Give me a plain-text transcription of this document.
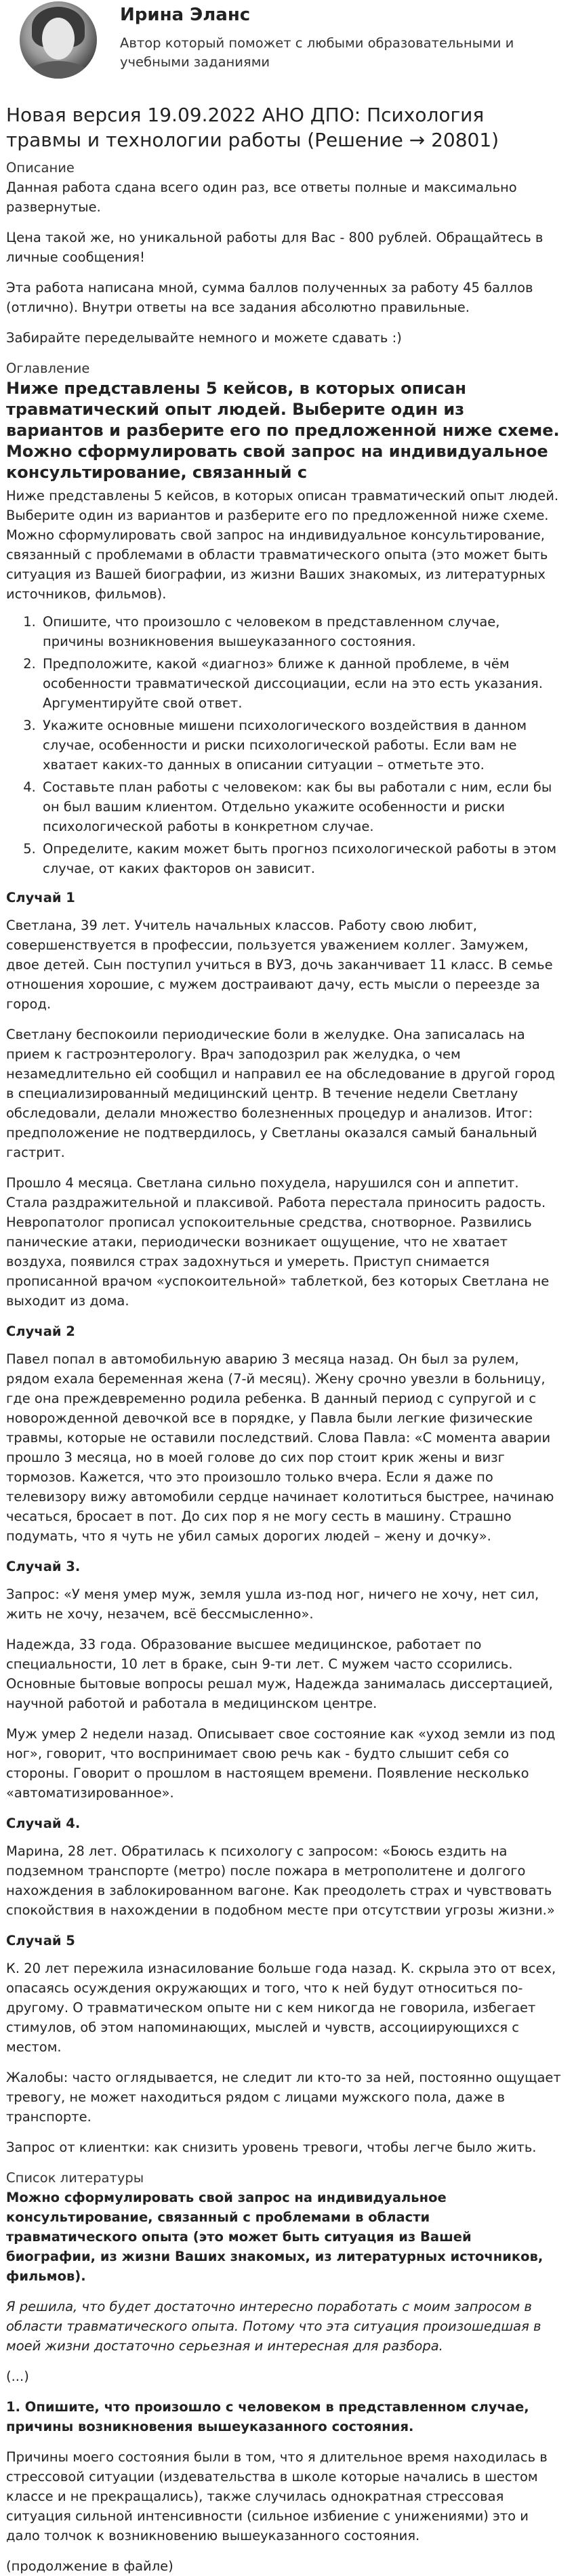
Ирина Эланс
Автор который поможет с любыми образовательными и учебными заданиями
Новая версия 19.09.2022 АНО ДПО: Психология травмы и технологии работы (Решение → 20801)
Описание

Данная работа сдана всего один раз, все ответы полные и максимально развернутые.

Цена такой же, но уникальной работы для Вас - 800 рублей. Обращайтесь в личные сообщения!

Эта работа написана мной, сумма баллов полученных за работу 45 баллов (отлично). Внутри ответы на все задания абсолютно правильные.

Забирайте переделывайте немного и можете сдавать :)

Оглавление
Ниже представлены 5 кейсов, в которых описан травматический опыт людей. Выберите один из вариантов и разберите его по предложенной ниже схеме. Можно сформулировать свой запрос на индивидуальное консультирование, связанный с
Ниже представлены 5 кейсов, в которых описан травматический опыт людей. Выберите один из вариантов и разберите его по предложенной ниже схеме. Можно сформулировать свой запрос на индивидуальное консультирование, связанный с проблемами в области травматического опыта (это может быть ситуация из Вашей биографии, из жизни Ваших знакомых, из литературных источников, фильмов).
1. Опишите, что произошло с человеком в представленном случае, причины возникновения вышеуказанного состояния.
2. Предположите, какой «диагноз» ближе к данной проблеме, в чём особенности травматической диссоциации, если на это есть указания. Аргументируйте свой ответ.
3. Укажите основные мишени психологического воздействия в данном случае, особенности и риски психологической работы. Если вам не хватает каких-то данных в описании ситуации – отметьте это.
4. Составьте план работы с человеком: как бы вы работали с ним, если бы он был вашим клиентом. Отдельно укажите особенности и риски психологической работы в конкретном случае.
5. Определите, каким может быть прогноз психологической работы в этом случае, от каких факторов он зависит.
Случай 1

Светлана, 39 лет. Учитель начальных классов. Работу свою любит, совершенствуется в профессии, пользуется уважением коллег. Замужем, двое детей. Сын поступил учиться в ВУЗ, дочь заканчивает 11 класс. В семье отношения хорошие, с мужем достраивают дачу, есть мысли о переезде за город.

Светлану беспокоили периодические боли в желудке. Она записалась на прием к гастроэнтерологу. Врач заподозрил рак желудка, о чем незамедлительно ей сообщил и направил ее на обследование в другой город в специализированный медицинский центр. В течение недели Светлану обследовали, делали множество болезненных процедур и анализов. Итог: предположение не подтвердилось, у Светланы оказался самый банальный гастрит.

Прошло 4 месяца. Светлана сильно похудела, нарушился сон и аппетит. Стала раздражительной и плаксивой. Работа перестала приносить радость. Невропатолог прописал успокоительные средства, снотворное. Развились панические атаки, периодически возникает ощущение, что не хватает воздуха, появился страх задохнуться и умереть. Приступ снимается прописанной врачом «успокоительной» таблеткой, без которых Светлана не выходит из дома.

Случай 2

Павел попал в автомобильную аварию 3 месяца назад. Он был за рулем, рядом ехала беременная жена (7-й месяц). Жену срочно увезли в больницу, где она преждевременно родила ребенка. В данный период с супругой и с новорожденной девочкой все в порядке, у Павла были легкие физические травмы, которые не оставили последствий. Слова Павла: «С момента аварии прошло 3 месяца, но в моей голове до сих пор стоит крик жены и визг тормозов. Кажется, что это произошло только вчера. Если я даже по телевизору вижу автомобили сердце начинает колотиться быстрее, начинаю чесаться, бросает в пот. До сих пор я не могу сесть в машину. Страшно подумать, что я чуть не убил самых дорогих людей – жену и дочку».

Случай 3.

Запрос: «У меня умер муж, земля ушла из-под ног, ничего не хочу, нет сил, жить не хочу, незачем, всё бессмысленно».

Надежда, 33 года. Образование высшее медицинское, работает по специальности, 10 лет в браке, сын 9-ти лет. С мужем часто ссорились. Основные бытовые вопросы решал муж, Надежда занималась диссертацией, научной работой и работала в медицинском центре.

Муж умер 2 недели назад. Описывает свое состояние как «уход земли из под ног», говорит, что воспринимает свою речь как - будто слышит себя со стороны. Говорит о прошлом в настоящем времени. Появление несколько «автоматизированное».

Случай 4.

Марина, 28 лет. Обратилась к психологу с запросом: «Боюсь ездить на подземном транспорте (метро) после пожара в метрополитене и долгого нахождения в заблокированном вагоне. Как преодолеть страх и чувствовать спокойствия в нахождении в подобном месте при отсутствии угрозы жизни.»

Случай 5

К. 20 лет пережила изнасилование больше года назад. К. скрыла это от всех, опасаясь осуждения окружающих и того, что к ней будут относиться по-другому. О травматическом опыте ни с кем никогда не говорила, избегает стимулов, об этом напоминающих, мыслей и чувств, ассоциирующихся с местом.

Жалобы: часто оглядывается, не следит ли кто-то за ней, постоянно ощущает тревогу, не может находиться рядом с лицами мужского пола, даже в транспорте.

Запрос от клиентки: как снизить уровень тревоги, чтобы легче было жить.

Список литературы
Можно сформулировать свой запрос на индивидуальное консультирование, связанный с проблемами в области травматического опыта (это может быть ситуация из Вашей биографии, из жизни Ваших знакомых, из литературных источников, фильмов).

Я решила, что будет достаточно интересно поработать с моим запросом в области травматического опыта. Потому что эта ситуация произошедшая в моей жизни достаточно серьезная и интересная для разбора.

(...)

1. Опишите, что произошло с человеком в представленном случае, причины возникновения вышеуказанного состояния.

Причины моего состояния были в том, что я длительное время находилась в стрессовой ситуации (издевательства в школе которые начались в шестом классе и не прекращались), также случилась однократная стрессовая ситуация сильной интенсивности (сильное избиение с унижениями) это и дало толчок к возникновению вышеуказанного состояния.

(продолжение в файле)
